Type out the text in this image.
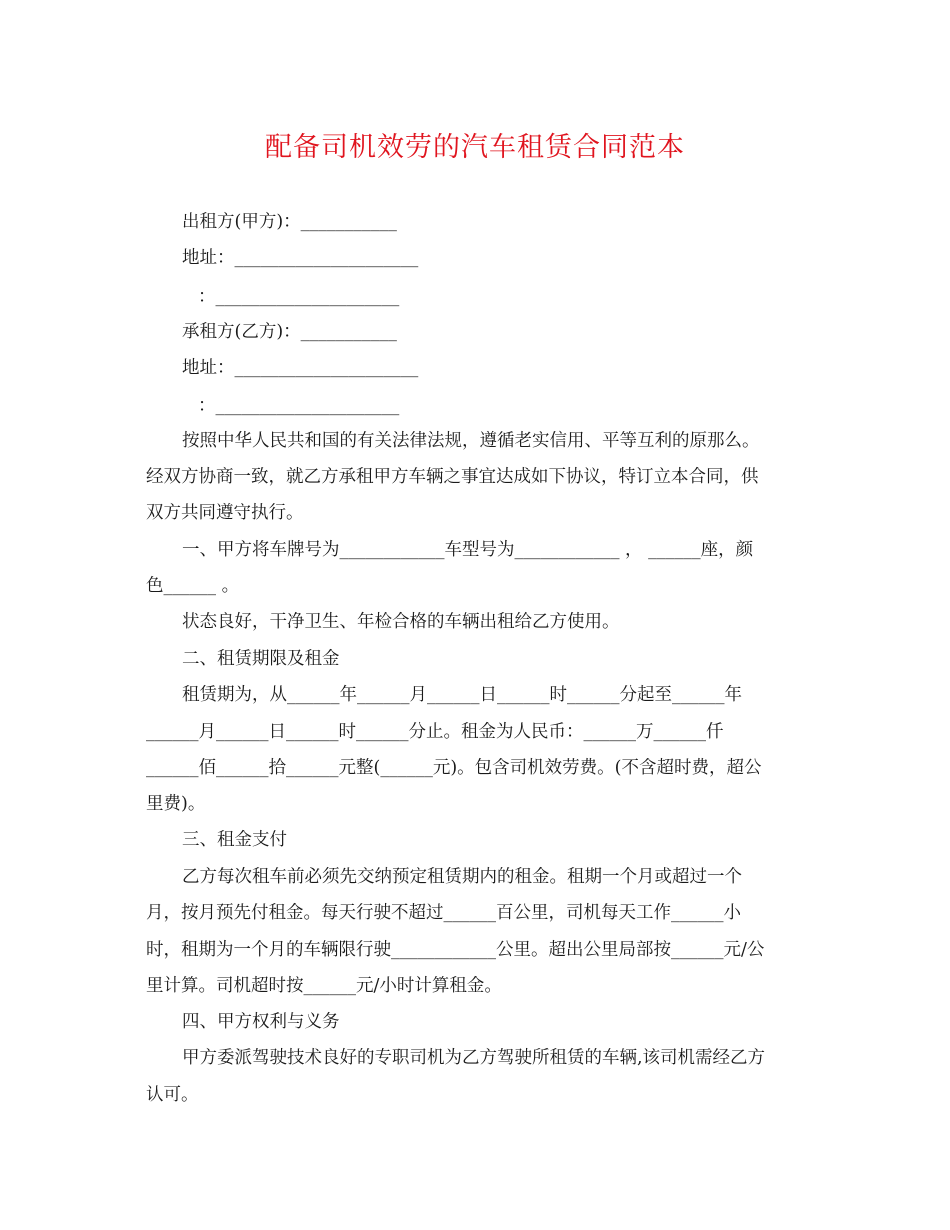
配备司机效劳的汽车租赁合同范本
出租方(甲方)：___________
地址：_____________________
：_____________________
承租方(乙方)：___________
地址：_____________________
：_____________________
按照中华人民共和国的有关法律法规，遵循老实信用、平等互利的原那么。
经双方协商一致，就乙方承租甲方车辆之事宜达成如下协议，特订立本合同，供
双方共同遵守执行。
一、甲方将车牌号为____________车型号为____________ ， ______座，颜
色______ 。
状态良好，干净卫生、年检合格的车辆出租给乙方使用。
二、租赁期限及租金
租赁期为，从______年______月______日______时______分起至______年
______月______日______时______分止。租金为人民币：______万______仟
______佰______拾______元整(______元)。包含司机效劳费。(不含超时费，超公
里费)。
三、租金支付
乙方每次租车前必须先交纳预定租赁期内的租金。租期一个月或超过一个
月，按月预先付租金。每天行驶不超过______百公里，司机每天工作______小
时，租期为一个月的车辆限行驶____________公里。超出公里局部按______元/公
里计算。司机超时按______元/小时计算租金。
四、甲方权利与义务
甲方委派驾驶技术良好的专职司机为乙方驾驶所租赁的车辆,该司机需经乙方
认可。
